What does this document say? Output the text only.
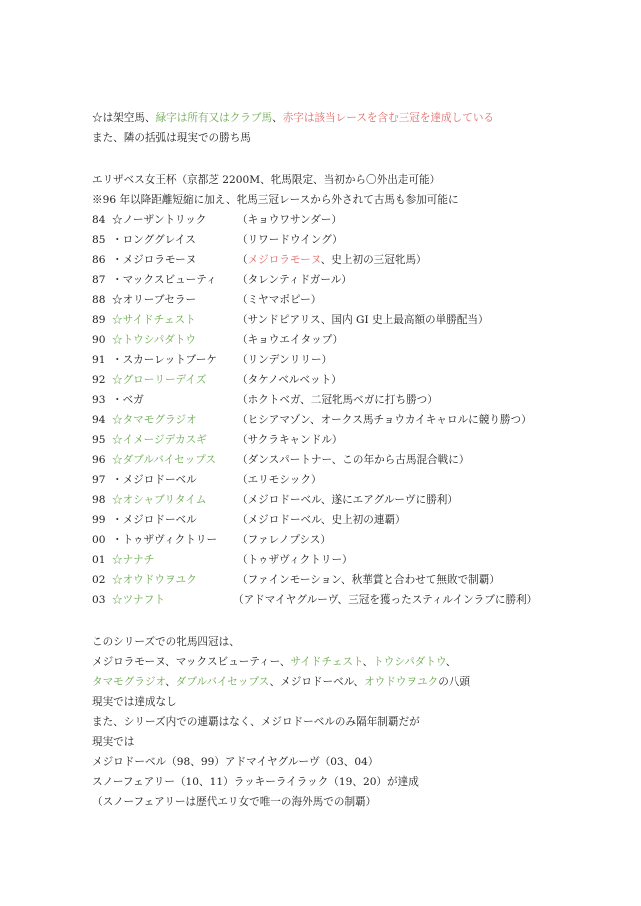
☆は架空馬、緑字は所有又はクラブ馬、赤字は該当レースを含む三冠を達成している
また、隣の括弧は現実での勝ち馬
エリザベス女王杯（京都芝 2200M、牝馬限定、当初から〇外出走可能）
※96 年以降距離短縮に加え、牝馬三冠レースから外されて古馬も参加可能に
84 ☆ノーザントリック	（キョウワサンダー）
85 ・ロンググレイス	（リワードウイング）
86 ・メジロラモーヌ	（メジロラモーヌ、史上初の三冠牝馬）
87 ・マックスビューティ （タレンティドガール）
88 ☆オリーブセラー	（ミヤマポピー）
89 ☆サイドチェスト	（サンドピアリス、国内 GI 史上最高額の単勝配当）
90 ☆トウシパダトウ	（キョウエイタップ）
91 ・スカーレットブーケ （リンデンリリー）
92 ☆グローリーデイズ	（タケノベルベット）
93 ・ベガ	（ホクトベガ、二冠牝馬ベガに打ち勝つ）
94 ☆タマモグラジオ	（ヒシアマゾン、オークス馬チョウカイキャロルに競り勝つ）
95 ☆イメージデカスギ	（サクラキャンドル）
96 ☆ダブルバイセップス （ダンスパートナー、この年から古馬混合戦に）
97 ・メジロドーベル	（エリモシック）
98 ☆オシャブリタイム	（メジロドーベル、遂にエアグルーヴに勝利）
99 ・メジロドーベル	（メジロドーベル、史上初の連覇）
00 ・トゥザヴィクトリー （ファレノプシス）
01 ☆ナナチ	（トゥザヴィクトリー）
02 ☆オウドウヲユク	（ファインモーション、秋華賞と合わせて無敗で制覇）
03 ☆ツナフト	（アドマイヤグルーヴ、三冠を獲ったスティルインラブに勝利）
このシリーズでの牝馬四冠は、
メジロラモーヌ、マックスビューティー、サイドチェスト、トウシパダトウ、
タマモグラジオ、ダブルバイセップス、メジロドーベル、オウドウヲユクの八頭
現実では達成なし
また、シリーズ内での連覇はなく、メジロドーベルのみ隔年制覇だが
現実では
メジロドーベル（98、99）アドマイヤグルーヴ（03、04）
スノーフェアリー（10、11）ラッキーライラック（19、20）が達成
（スノーフェアリーは歴代エリ女で唯一の海外馬での制覇）
